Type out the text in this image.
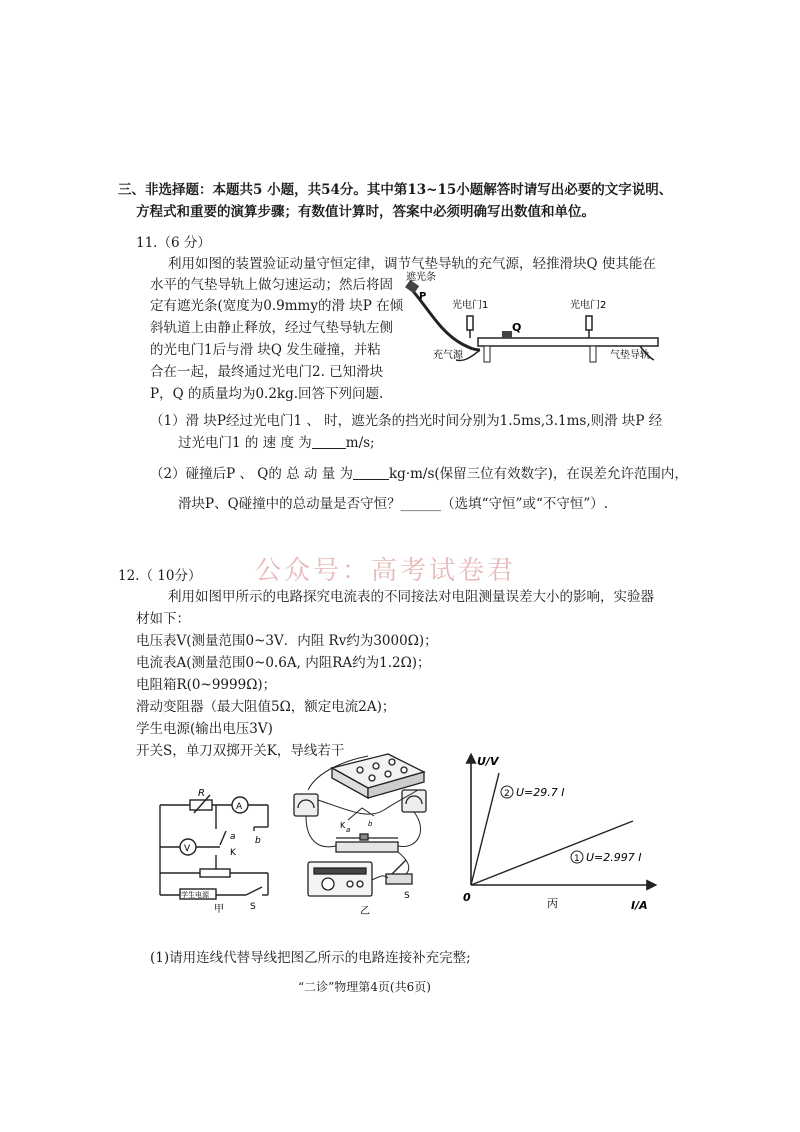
三、非选择题：本题共5 小题，共54分。其中第13~15小题解答时请写出必要的文字说明、
方程式和重要的演算步骤；有数值计算时，答案中必须明确写出数值和单位。
11.（6 分）
利用如图的装置验证动量守恒定律，调节气垫导轨的充气源，轻推滑块Q 使其能在
水平的气垫导轨上做匀速运动；然后将固
定有遮光条(宽度为0.9mmy的滑 块P 在倾
斜轨道上由静止释放，经过气垫导轨左侧
的光电门1后与滑 块Q 发生碰撞，并粘
合在一起，最终通过光电门2. 已知滑块
P，Q 的质量均为0.2kg.回答下列问题.
遮光条
P
光电门1	光电门2
Q
充气源	气垫导轨
（1）滑 块P经过光电门1 、 时，遮光条的挡光时间分别为1.5ms,3.1ms,则滑 块P 经
过光电门1 的 速 度 为	m/s;
（2）碰撞后P 、 Q的 总 动 量 为	kg·m/s(保留三位有效数字)，在误差允许范围内，
滑块P、Q碰撞中的总动量是否守恒？______（选填“守恒”或“不守恒”）.
公众号：高考试卷君
12.（ 10分）
利用如图甲所示的电路探究电流表的不同接法对电阻测量误差大小的影响，实验器
材如下：
电压表V(测量范围0~3V．内阻 Rv约为3000Ω)；
电流表A(测量范围0~0.6A, 内阻RA约为1.2Ω)；
电阻箱R(0~9999Ω)；
滑动变阻器（最大阻值5Ω，额定电流2A)；
学生电源(输出电压3V)
开关S，单刀双掷开关K，导线若干
R
A
V
a b
K
学生电源
S
甲
K a
b
S
乙
U/V
I/A
0
2 U=29.7 I
1 U=2.997 I
丙
(1)请用连线代替导线把图乙所示的电路连接补充完整;
“二诊”物理第4页(共6页)
